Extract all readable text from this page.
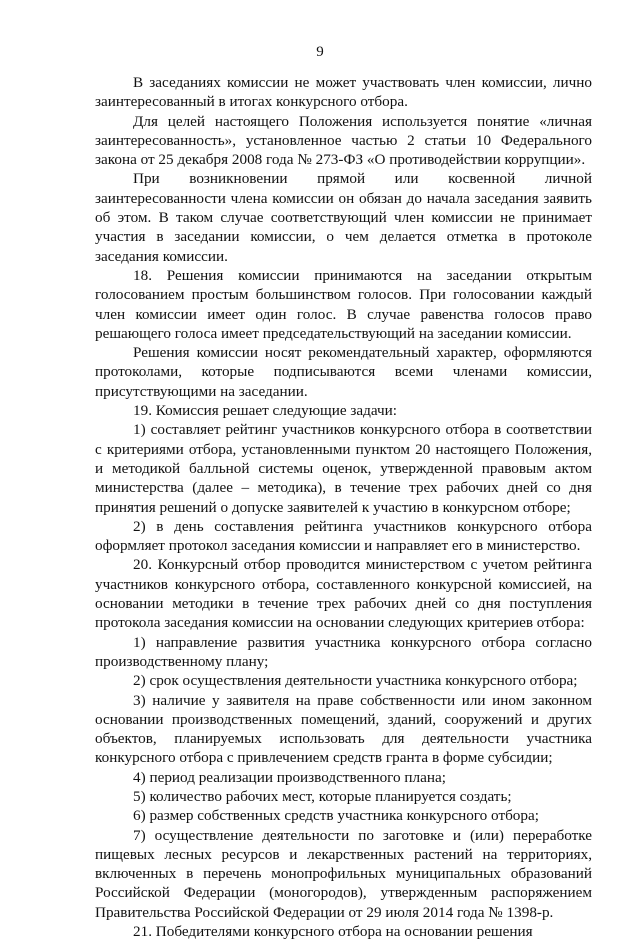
9

В заседаниях комиссии не может участвовать член комиссии, лично заинтересованный в итогах конкурсного отбора.

Для целей настоящего Положения используется понятие «личная заинтересованность», установленное частью 2 статьи 10 Федерального закона от 25 декабря 2008 года № 273-ФЗ «О противодействии коррупции».

При возникновении прямой или косвенной личной заинтересованности члена комиссии он обязан до начала заседания заявить об этом. В таком случае соответствующий член комиссии не принимает участия в заседании комиссии, о чем делается отметка в протоколе заседания комиссии.

18. Решения комиссии принимаются на заседании открытым голосованием простым большинством голосов. При голосовании каждый член комиссии имеет один голос. В случае равенства голосов право решающего голоса имеет председательствующий на заседании комиссии.

Решения комиссии носят рекомендательный характер, оформляются протоколами, которые подписываются всеми членами комиссии, присутствующими на заседании.

19. Комиссия решает следующие задачи:

1) составляет рейтинг участников конкурсного отбора в соответствии с критериями отбора, установленными пунктом 20 настоящего Положения, и методикой балльной системы оценок, утвержденной правовым актом министерства (далее – методика), в течение трех рабочих дней со дня принятия решений о допуске заявителей к участию в конкурсном отборе;

2) в день составления рейтинга участников конкурсного отбора оформляет протокол заседания комиссии и направляет его в министерство.

20. Конкурсный отбор проводится министерством с учетом рейтинга участников конкурсного отбора, составленного конкурсной комиссией, на основании методики в течение трех рабочих дней со дня поступления протокола заседания комиссии на основании следующих критериев отбора:

1) направление развития участника конкурсного отбора согласно производственному плану;

2) срок осуществления деятельности участника конкурсного отбора;

3) наличие у заявителя на праве собственности или ином законном основании производственных помещений, зданий, сооружений и других объектов, планируемых использовать для деятельности участника конкурсного отбора с привлечением средств гранта в форме субсидии;

4) период реализации производственного плана;

5) количество рабочих мест, которые планируется создать;

6) размер собственных средств участника конкурсного отбора;

7) осуществление деятельности по заготовке и (или) переработке пищевых лесных ресурсов и лекарственных растений на территориях, включенных в перечень монопрофильных муниципальных образований Российской Федерации (моногородов), утвержденным распоряжением Правительства Российской Федерации от 29 июля 2014 года № 1398-р.

21. Победителями конкурсного отбора на основании решения
